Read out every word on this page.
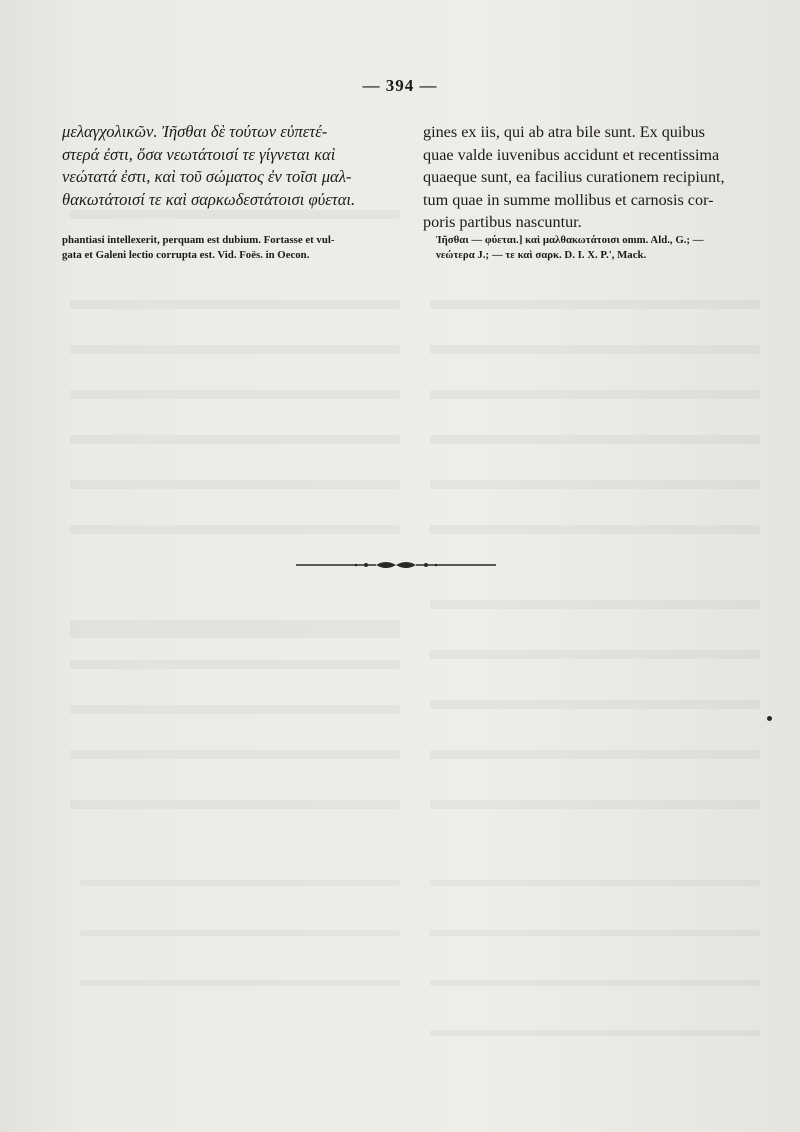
— 394 —

μελαγχολικῶν. Ἰῆσθαι δὲ τούτων εὐπετέ-
στερά ἐστι, ὅσα νεωτάτοισί τε γίγνεται καὶ
νεώτατά ἐστι, καὶ τοῦ σώματος ἐν τοῖσι μαλ-
θακωτάτοισί τε καὶ σαρκωδεστάτοισι φύεται.

gines ex iis, qui ab atra bile sunt. Ex quibus
quae valde iuvenibus accidunt et recentissima
quaeque sunt, ea facilius curationem recipiunt,
tum quae in summe mollibus et carnosis cor-
poris partibus nascuntur.

phantiasi intellexerit, perquam est dubium. Fortasse et vul-
gata et Galeni lectio corrupta est. Vid. Foës. in Oecon.
Ἰῆσθαι — φύεται.] καὶ μαλθακωτάτοισι omm. Ald., G.; —
νεώτερα J.; — τε καὶ σαρκ. D. I. X. P.', Mack.
